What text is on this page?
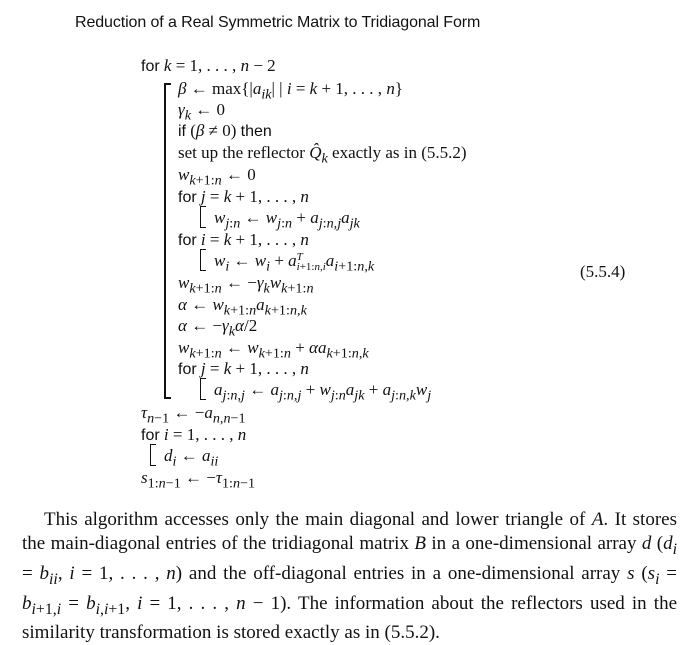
Reduction of a Real Symmetric Matrix to Tridiagonal Form
for k = 1, . . . , n − 2
β ← $\max\{|a_{ik}|$ | i = k + 1, . . . , n}
$\gamma_k$ ← 0
if (β ≠ 0) then
set up the reflector $Q̂_k$ exactly as in (5.5.2)
$w_{k+1:n}$ ← 0
for j = k + 1, . . . , n
$w_{j:n}$ ← $w_{j:n} + a_{j:n,j}a_{jk}$
for i = k + 1, . . . , n
$w_i$ ← $w_i$ + aT
$i+1:n,ia_{i+1:n,k}$
$w_{k+1:n}$ ← $-\gamma_kw_{k+1:n}$
α ← $w_{k+1:n}a_{k+1:n,k}$
α ← $-\gamma_k\alpha/2$
$w_{k+1:n}$ ← $w_{k+1:n} + \alpha a_{k+1:n,k}$
for j = k + 1, . . . , n
$a_{j:n,j}$ ← $a_{j:n,j} + w_{j:n}a_{jk} + a_{j:n,k}w_j$
$\tau_{n-1}$ ← $-a_{n,n-1}$
for i = 1, . . . , n
$d_i$ ← $a_{ii}$
$s_{1:n-1}$ ← $-\tau_{1:n-1}$
(5.5.4)

This algorithm accesses only the main diagonal and lower triangle of A. It stores the main-diagonal entries of the tridiagonal matrix B in a one-dimensional array d ($d_i = b_{ii}$, i = 1, . . . , n) and the off-diagonal entries in a one-dimensional array s ($s_i = b_{i+1,i} = b_{i,i+1}$, i = 1, . . . , n − 1). The information about the reflectors used in the similarity transformation is stored exactly as in (5.5.2).
